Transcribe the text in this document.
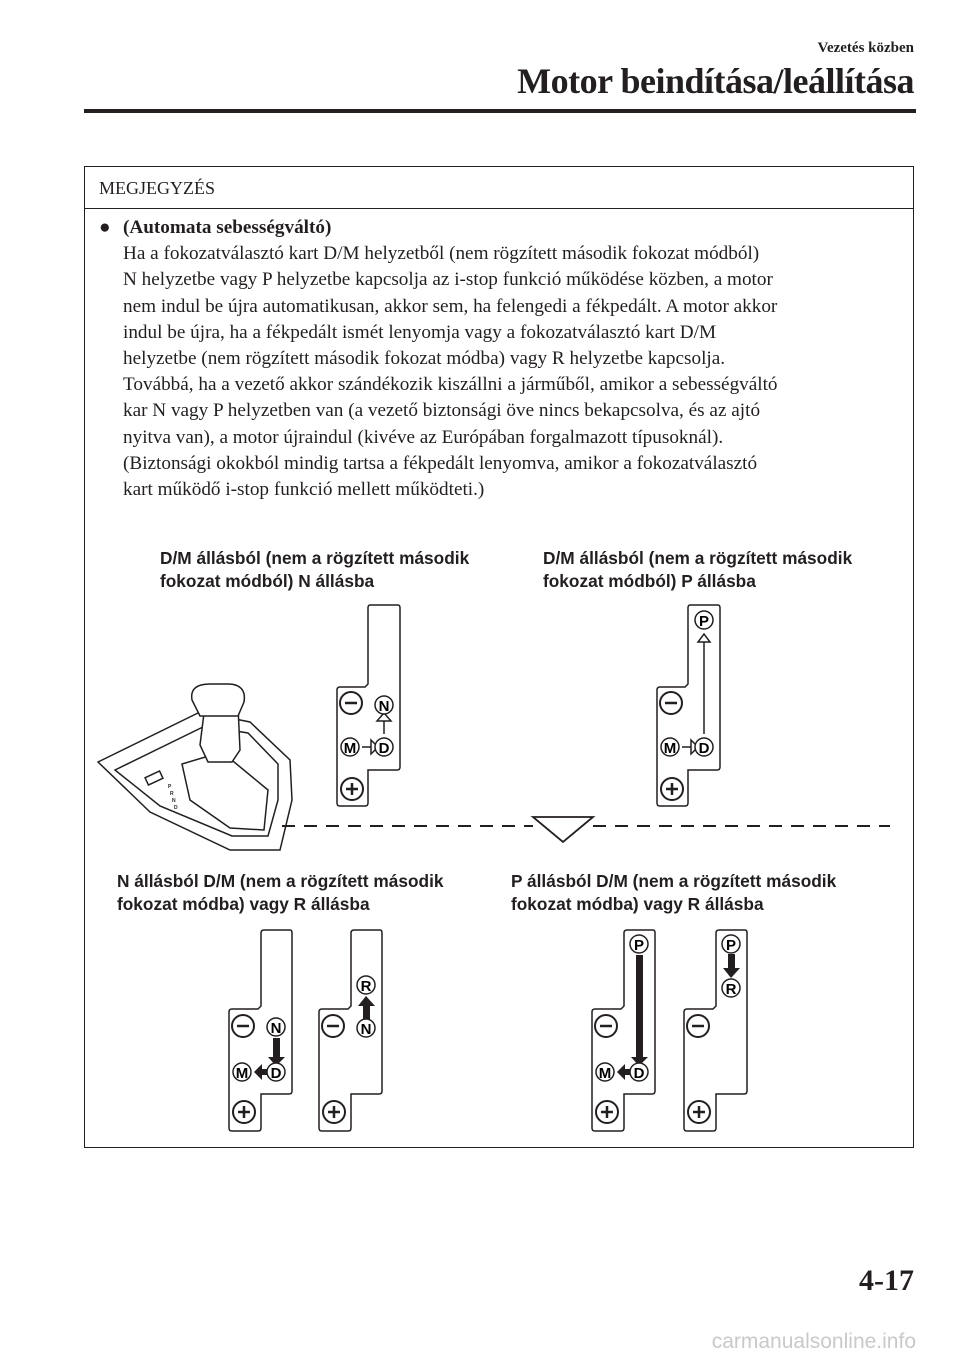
Vezetés közben
Motor beindítása/leállítása
MEGJEGYZÉS
● (Automata sebességváltó)
Ha a fokozatválasztó kart D/M helyzetből (nem rögzített második fokozat módból)
N helyzetbe vagy P helyzetbe kapcsolja az i-stop funkció működése közben, a motor
nem indul be újra automatikusan, akkor sem, ha felengedi a fékpedált. A motor akkor
indul be újra, ha a fékpedált ismét lenyomja vagy a fokozatválasztó kart D/M
helyzetbe (nem rögzített második fokozat módba) vagy R helyzetbe kapcsolja.
Továbbá, ha a vezető akkor szándékozik kiszállni a járműből, amikor a sebességváltó
kar N vagy P helyzetben van (a vezető biztonsági öve nincs bekapcsolva, és az ajtó
nyitva van), a motor újraindul (kivéve az Európában forgalmazott típusoknál).
(Biztonsági okokból mindig tartsa a fékpedált lenyomva, amikor a fokozatválasztó
kart működő i-stop funkció mellett működteti.)
D/M állásból (nem a rögzített második
fokozat módból) N állásba
D/M állásból (nem a rögzített második
fokozat módból) P állásba
N állásból D/M (nem a rögzített második
fokozat módba) vagy R állásba
P állásból D/M (nem a rögzített második
fokozat módba) vagy R állásba
P
R
N
D
N
M D
P
M D
N
M D
R
N
P
M D
P
R
4-17
carmanualsonline.info
